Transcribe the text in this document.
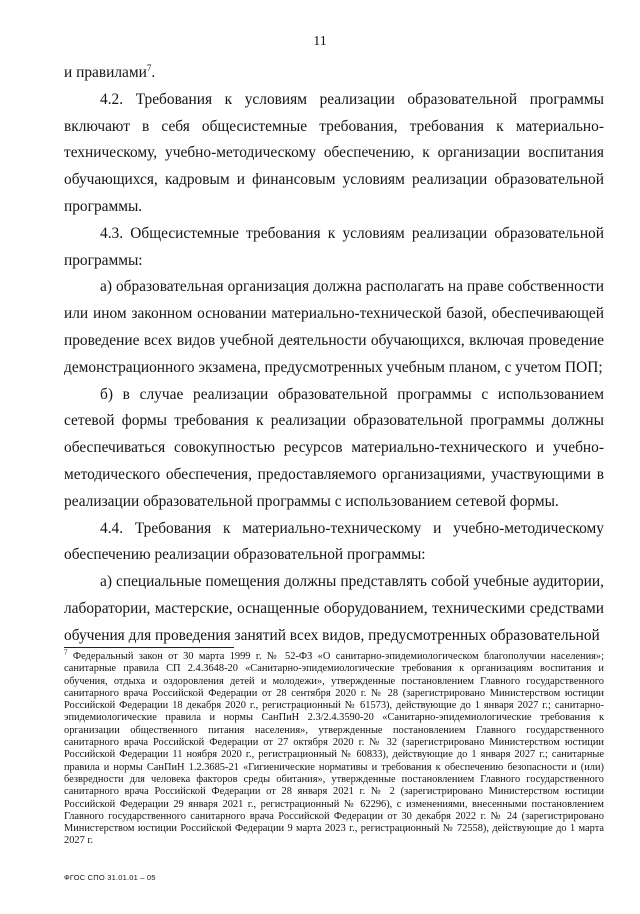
11

и правилами$^7$.

4.2. Требования к условиям реализации образовательной программы включают в себя общесистемные требования, требования к материально-техническому, учебно-методическому обеспечению, к организации воспитания обучающихся, кадровым и финансовым условиям реализации образовательной программы.

4.3. Общесистемные требования к условиям реализации образовательной программы:

а) образовательная организация должна располагать на праве собственности или ином законном основании материально-технической базой, обеспечивающей проведение всех видов учебной деятельности обучающихся, включая проведение демонстрационного экзамена, предусмотренных учебным планом, с учетом ПОП;

б) в случае реализации образовательной программы с использованием сетевой формы требования к реализации образовательной программы должны обеспечиваться совокупностью ресурсов материально-технического и учебно-методического обеспечения, предоставляемого организациями, участвующими в реализации образовательной программы с использованием сетевой формы.

4.4. Требования к материально-техническому и учебно-методическому обеспечению реализации образовательной программы:

а) специальные помещения должны представлять собой учебные аудитории, лаборатории, мастерские, оснащенные оборудованием, техническими средствами обучения для проведения занятий всех видов, предусмотренных образовательной

$^7$ Федеральный закон от 30 марта 1999 г. № 52-ФЗ «О санитарно-эпидемиологическом благополучии населения»; санитарные правила СП 2.4.3648-20 «Санитарно-эпидемиологические требования к организациям воспитания и обучения, отдыха и оздоровления детей и молодежи», утвержденные постановлением Главного государственного санитарного врача Российской Федерации от 28 сентября 2020 г. № 28 (зарегистрировано Министерством юстиции Российской Федерации 18 декабря 2020 г., регистрационный № 61573), действующие до 1 января 2027 г.; санитарно-эпидемиологические правила и нормы СанПиН 2.3/2.4.3590-20 «Санитарно-эпидемиологические требования к организации общественного питания населения», утвержденные постановлением Главного государственного санитарного врача Российской Федерации от 27 октября 2020 г. № 32 (зарегистрировано Министерством юстиции Российской Федерации 11 ноября 2020 г., регистрационный № 60833), действующие до 1 января 2027 г.; санитарные правила и нормы СанПиН 1.2.3685-21 «Гигиенические нормативы и требования к обеспечению безопасности и (или) безвредности для человека факторов среды обитания», утвержденные постановлением Главного государственного санитарного врача Российской Федерации от 28 января 2021 г. № 2 (зарегистрировано Министерством юстиции Российской Федерации 29 января 2021 г., регистрационный № 62296), с изменениями, внесенными постановлением Главного государственного санитарного врача Российской Федерации от 30 декабря 2022 г. № 24 (зарегистрировано Министерством юстиции Российской Федерации 9 марта 2023 г., регистрационный № 72558), действующие до 1 марта 2027 г.

ФГОС СПО 31.01.01 – 05
